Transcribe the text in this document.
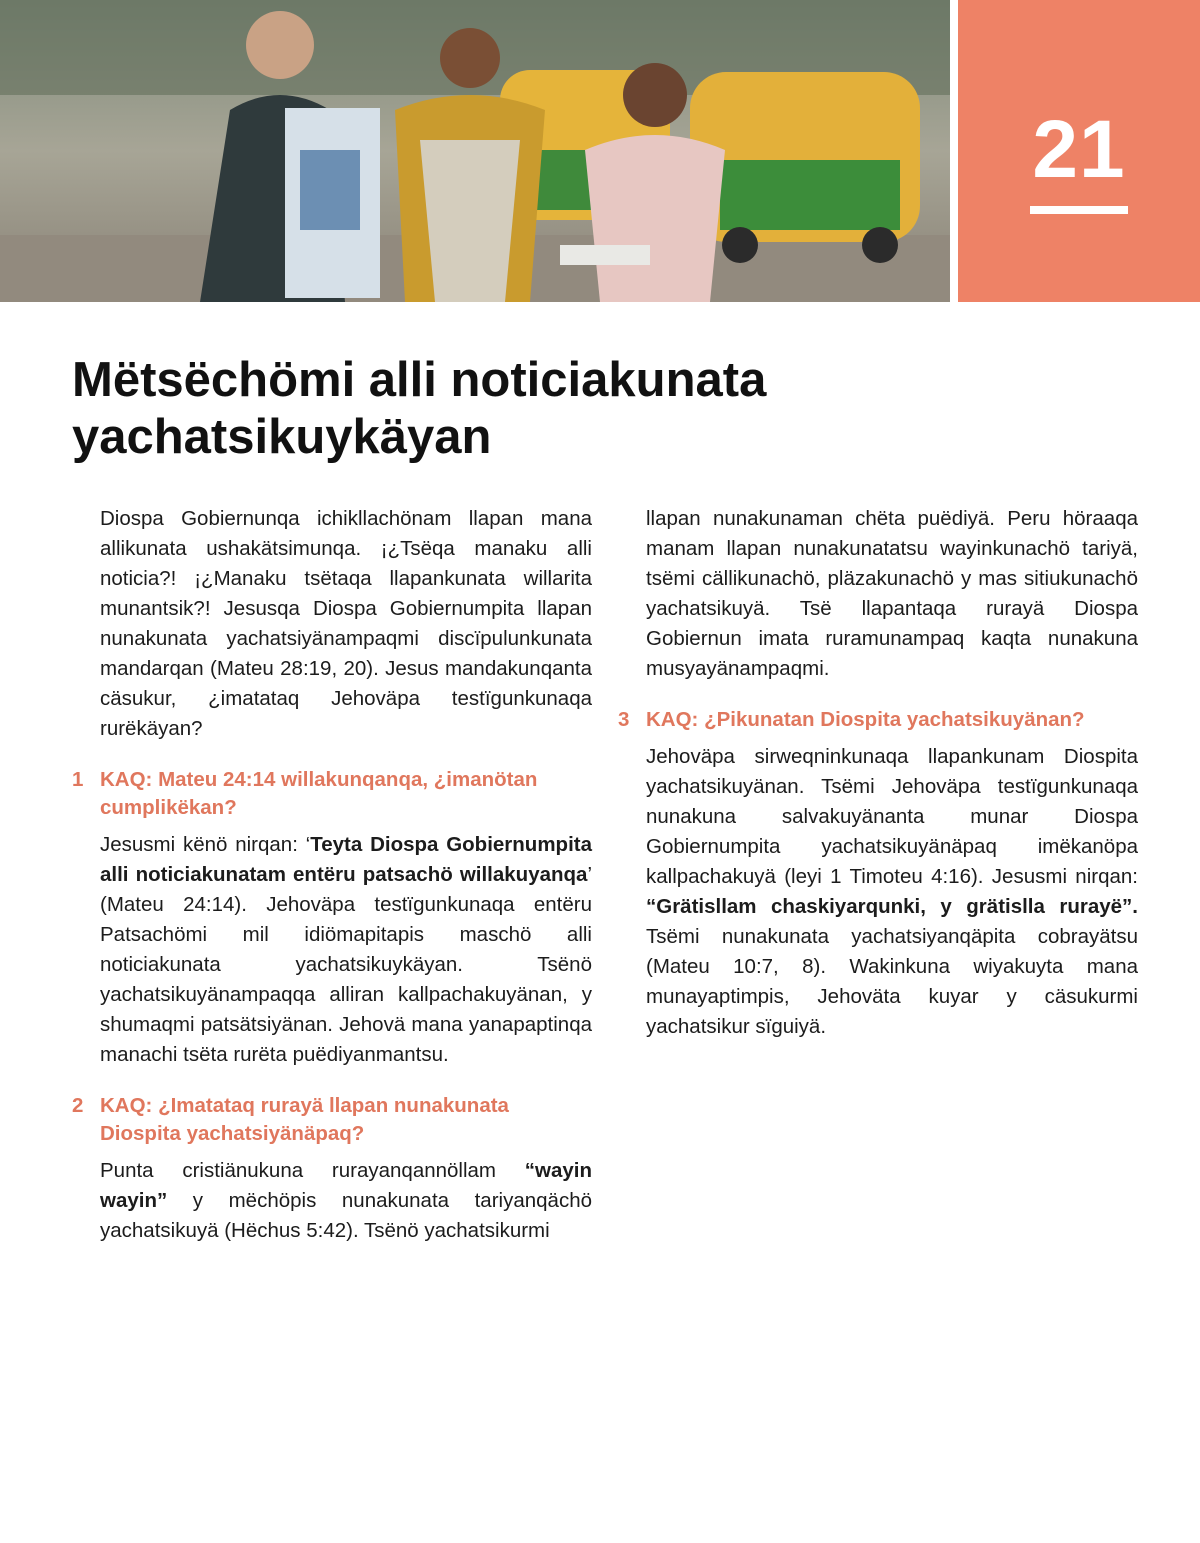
21
Mëtsëchömi alli noticiakunata yachatsikuykäyan

Diospa Gobiernunqa ichikllachönam llapan mana allikunata ushakätsimunqa. ¡¿Tsëqa manaku alli noticia?! ¡¿Manaku tsëtaqa llapankunata willarita munantsik?! Jesusqa Diospa Gobiernumpita llapan nunakunata yachatsiyänampaqmi discïpulunkunata mandarqan (Mateu 28:19, 20). Jesus mandakunqanta cäsukur, ¿imatataq Jehoväpa testïgunkunaqa rurëkäyan?

1 KAQ: Mateu 24:14 willakunqanqa, ¿imanötan cumplikëkan?

Jesusmi kënö nirqan: ‘Teyta Diospa Gobiernumpita alli noticiakunatam entëru patsachö willakuyanqa’ (Mateu 24:14). Jehoväpa testïgunkunaqa entëru Patsachömi mil idiömapitapis maschö alli noticiakunata yachatsikuykäyan. Tsënö yachatsikuyänampaqqa alliran kallpachakuyänan, y shumaqmi patsätsiyänan. Jehovä mana yanapaptinqa manachi tsëta rurëta puëdiyanmantsu.

2 KAQ: ¿Imatataq rurayä llapan nunakunata Diospita yachatsiyänäpaq?

Punta cristiänukuna rurayanqannöllam “wayin wayin” y mëchöpis nunakunata tariyanqächö yachatsikuyä (Hëchus 5:42). Tsënö yachatsikurmi

llapan nunakunaman chëta puëdiyä. Peru höraaqa manam llapan nunakunatatsu wayinkunachö tariyä, tsëmi cällikunachö, pläzakunachö y mas sitiukunachö yachatsikuyä. Tsë llapantaqa rurayä Diospa Gobiernun imata ruramunampaq kaqta nunakuna musyayänampaqmi.

3 KAQ: ¿Pikunatan Diospita yachatsikuyänan?

Jehoväpa sirweqninkunaqa llapankunam Diospita yachatsikuyänan. Tsëmi Jehoväpa testïgunkunaqa nunakuna salvakuyänanta munar Diospa Gobiernumpita yachatsikuyänäpaq imëkanöpa kallpachakuyä (leyi 1 Timoteu 4:16). Jesusmi nirqan: “Grätisllam chaskiyarqunki, y grätislla rurayë”. Tsëmi nunakunata yachatsiyanqäpita cobrayätsu (Mateu 10:7, 8). Wakinkuna wiyakuyta mana munayaptimpis, Jehoväta kuyar y cäsukurmi yachatsikur sïguiyä.
